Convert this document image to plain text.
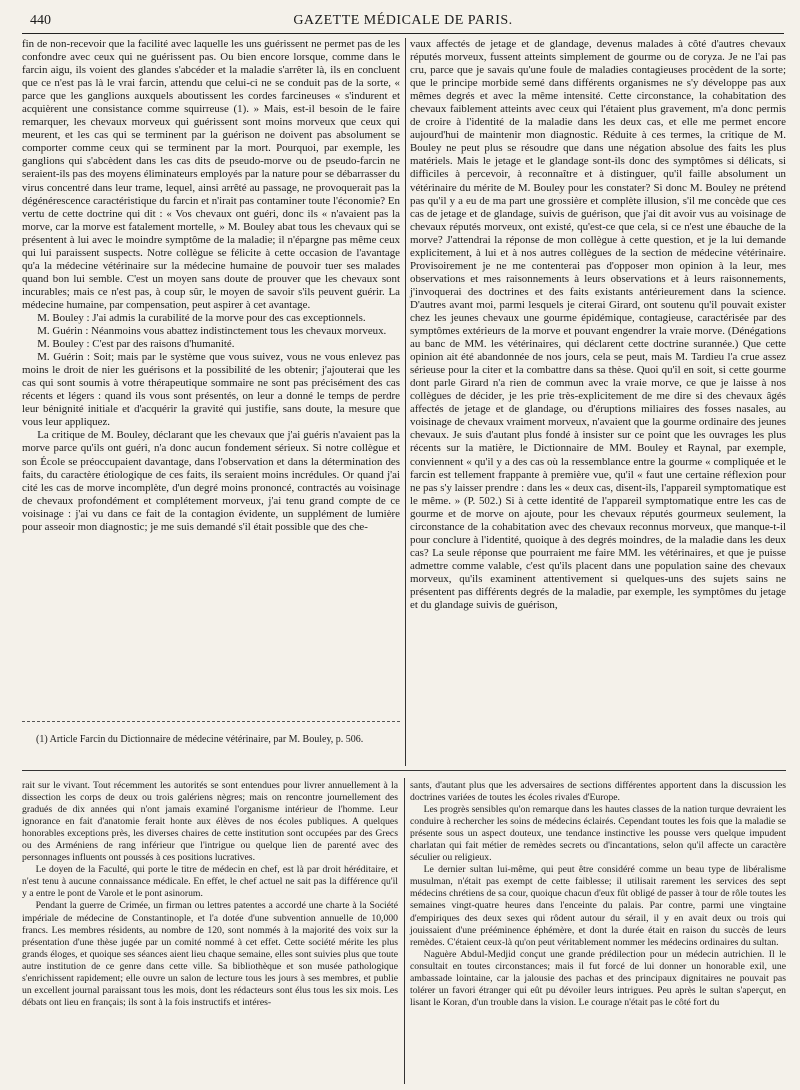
440	GAZETTE MÉDICALE DE PARIS.

fin de non-recevoir que la facilité avec laquelle les uns guérissent ne permet pas de les confondre avec ceux qui ne guérissent pas. Ou bien encore lorsque, comme dans le farcin aigu, ils voient des glandes s'abcéder et la maladie s'arrêter là, ils en concluent que ce n'est pas là le vrai farcin, attendu que celui-ci ne se conduit pas de la sorte, « parce que les ganglions auxquels aboutissent les cordes farcineuses « s'indurent et acquièrent une consistance comme squirreuse (1). » Mais, est-il besoin de le faire remarquer, les chevaux morveux qui guérissent sont moins morveux que ceux qui meurent, et les cas qui se terminent par la guérison ne doivent pas absolument se comporter comme ceux qui se terminent par la mort. Pourquoi, par exemple, les ganglions qui s'abcèdent dans les cas dits de pseudo-morve ou de pseudo-farcin ne seraient-ils pas des moyens éliminateurs employés par la nature pour se débarrasser du virus concentré dans leur trame, lequel, ainsi arrêté au passage, ne provoquerait pas la dégénérescence caractéristique du farcin et n'irait pas contaminer toute l'économie? En vertu de cette doctrine qui dit : « Vos chevaux ont guéri, donc ils « n'avaient pas la morve, car la morve est fatalement mortelle, » M. Bouley abat tous les chevaux qui se présentent à lui avec le moindre symptôme de la maladie; il n'épargne pas même ceux qui lui paraissent suspects. Notre collègue se félicite à cette occasion de l'avantage qu'a la médecine vétérinaire sur la médecine humaine de pouvoir tuer ses malades quand bon lui semble. C'est un moyen sans doute de prouver que les chevaux sont incurables; mais ce n'est pas, à coup sûr, le moyen de savoir s'ils peuvent guérir. La médecine humaine, par compensation, peut aspirer à cet avantage.

M. Bouley : J'ai admis la curabilité de la morve pour des cas exceptionnels.

M. Guérin : Néanmoins vous abattez indistinctement tous les chevaux morveux.

M. Bouley : C'est par des raisons d'humanité.

M. Guérin : Soit; mais par le système que vous suivez, vous ne vous enlevez pas moins le droit de nier les guérisons et la possibilité de les obtenir; j'ajouterai que les cas qui sont soumis à votre thérapeutique sommaire ne sont pas précisément des cas récents et légers : quand ils vous sont présentés, on leur a donné le temps de perdre leur bénignité initiale et d'acquérir la gravité qui justifie, sans doute, la mesure que vous leur appliquez.

La critique de M. Bouley, déclarant que les chevaux que j'ai guéris n'avaient pas la morve parce qu'ils ont guéri, n'a donc aucun fondement sérieux. Si notre collègue et son École se préoccupaient davantage, dans l'observation et dans la détermination des faits, du caractère étiologique de ces faits, ils seraient moins incrédules. Or quand j'ai cité les cas de morve incomplète, d'un degré moins prononcé, contractés au voisinage de chevaux profondément et complétement morveux, j'ai tenu grand compte de ce voisinage : j'ai vu dans ce fait de la contagion évidente, un supplément de lumière pour asseoir mon diagnostic; je me suis demandé s'il était possible que des che-

(1) Article Farcin du Dictionnaire de médecine vétérinaire, par M. Bouley, p. 506.

vaux affectés de jetage et de glandage, devenus malades à côté d'autres chevaux réputés morveux, fussent atteints simplement de gourme ou de coryza. Je ne l'ai pas cru, parce que je savais qu'une foule de maladies contagieuses procèdent de la sorte; que le principe morbide semé dans différents organismes ne s'y développe pas aux mêmes degrés et avec la même intensité. Cette circonstance, la cohabitation des chevaux faiblement atteints avec ceux qui l'étaient plus gravement, m'a donc permis de croire à l'identité de la maladie dans les deux cas, et elle me permet encore aujourd'hui de maintenir mon diagnostic. Réduite à ces termes, la critique de M. Bouley ne peut plus se résoudre que dans une négation absolue des faits les plus matériels. Mais le jetage et le glandage sont-ils donc des symptômes si délicats, si difficiles à percevoir, à reconnaître et à distinguer, qu'il faille absolument un vétérinaire du mérite de M. Bouley pour les constater? Si donc M. Bouley ne prétend pas qu'il y a eu de ma part une grossière et complète illusion, s'il me concède que ces cas de jetage et de glandage, suivis de guérison, que j'ai dit avoir vus au voisinage de chevaux réputés morveux, ont existé, qu'est-ce que cela, si ce n'est une ébauche de la morve? J'attendrai la réponse de mon collègue à cette question, et je la lui demande explicitement, à lui et à nos autres collègues de la section de médecine vétérinaire. Provisoirement je ne me contenterai pas d'opposer mon opinion à la leur, mes observations et mes raisonnements à leurs observations et à leurs raisonnements, j'invoquerai des doctrines et des faits existants antérieurement dans la science. D'autres avant moi, parmi lesquels je citerai Girard, ont soutenu qu'il pouvait exister chez les jeunes chevaux une gourme épidémique, contagieuse, caractérisée par des symptômes extérieurs de la morve et pouvant engendrer la vraie morve. (Dénégations au banc de MM. les vétérinaires, qui déclarent cette doctrine surannée.) Que cette opinion ait été abandonnée de nos jours, cela se peut, mais M. Tardieu l'a crue assez sérieuse pour la citer et la combattre dans sa thèse. Quoi qu'il en soit, si cette gourme dont parle Girard n'a rien de commun avec la vraie morve, ce que je laisse à nos collègues de décider, je les prie très-explicitement de me dire si des chevaux âgés affectés de jetage et de glandage, ou d'éruptions miliaires des fosses nasales, au voisinage de chevaux vraiment morveux, n'avaient que la gourme ordinaire des jeunes chevaux. Je suis d'autant plus fondé à insister sur ce point que les ouvrages les plus récents sur la matière, le Dictionnaire de MM. Bouley et Raynal, par exemple, conviennent « qu'il y a des cas où la ressemblance entre la gourme « compliquée et le farcin est tellement frappante à première vue, qu'il « faut une certaine réflexion pour ne pas s'y laisser prendre : dans les « deux cas, disent-ils, l'appareil symptomatique est le même. » (P. 502.) Si à cette identité de l'appareil symptomatique entre les cas de gourme et de morve on ajoute, pour les chevaux réputés gourmeux seulement, la circonstance de la cohabitation avec des chevaux reconnus morveux, que manque-t-il pour conclure à l'identité, quoique à des degrés moindres, de la maladie dans les deux cas? La seule réponse que pourraient me faire MM. les vétérinaires, et que je puisse admettre comme valable, c'est qu'ils placent dans une population saine des chevaux morveux, qu'ils examinent attentivement si quelques-uns des sujets sains ne présentent pas différents degrés de la maladie, par exemple, les symptômes du jetage et du glandage suivis de guérison,

rait sur le vivant. Tout récemment les autorités se sont entendues pour livrer annuellement à la dissection les corps de deux ou trois galériens nègres; mais on rencontre journellement des gradués de dix années qui n'ont jamais examiné l'organisme intérieur de l'homme. Leur ignorance en fait d'anatomie ferait honte aux élèves de nos écoles publiques. A quelques honorables exceptions près, les diverses chaires de cette institution sont occupées par des Grecs ou des Arméniens de rang inférieur que l'intrigue ou quelque lien de parenté avec des personnages influents ont poussés à ces positions lucratives.

Le doyen de la Faculté, qui porte le titre de médecin en chef, est là par droit héréditaire, et n'est tenu à aucune connaissance médicale. En effet, le chef actuel ne sait pas la différence qu'il y a entre le pont de Varole et le pont asinorum.

Pendant la guerre de Crimée, un firman ou lettres patentes a accordé une charte à la Société impériale de médecine de Constantinople, et l'a dotée d'une subvention annuelle de 10,000 francs. Les membres résidents, au nombre de 120, sont nommés à la majorité des voix sur la présentation d'une thèse jugée par un comité nommé à cet effet. Cette société mérite les plus grands éloges, et quoique ses séances aient lieu chaque semaine, elles sont suivies plus que toute autre institution de ce genre dans cette ville. Sa bibliothèque et son musée pathologique s'enrichissent rapidement; elle ouvre un salon de lecture tous les jours à ses membres, et publie un excellent journal paraissant tous les mois, dont les rédacteurs sont élus tous les six mois. Les débats ont lieu en français; ils sont à la fois instructifs et intéres-

sants, d'autant plus que les adversaires de sections différentes apportent dans la discussion les doctrines variées de toutes les écoles rivales d'Europe.

Les progrès sensibles qu'on remarque dans les hautes classes de la nation turque devraient les conduire à rechercher les soins de médecins éclairés. Cependant toutes les fois que la maladie se présente sous un aspect douteux, une tendance instinctive les pousse vers quelque impudent charlatan qui fait métier de remèdes secrets ou d'incantations, selon qu'il affecte un caractère séculier ou religieux.

Le dernier sultan lui-même, qui peut être considéré comme un beau type de libéralisme musulman, n'était pas exempt de cette faiblesse; il utilisait rarement les services des sept médecins chrétiens de sa cour, quoique chacun d'eux fût obligé de passer à tour de rôle toutes les semaines vingt-quatre heures dans l'enceinte du palais. Par contre, parmi une vingtaine d'empiriques des deux sexes qui rôdent autour du sérail, il y en avait deux ou trois qui jouissaient d'une prééminence éphémère, et dont la durée était en raison du succès de leurs remèdes. C'étaient ceux-là qu'on peut véritablement nommer les médecins ordinaires du sultan.

Naguère Abdul-Medjid conçut une grande prédilection pour un médecin autrichien. Il le consultait en toutes circonstances; mais il fut forcé de lui donner un honorable exil, une ambassade lointaine, car la jalousie des pachas et des principaux dignitaires ne pouvait pas tolérer un favori étranger qui eût pu dévoiler leurs intrigues. Peu après le sultan s'aperçut, en lisant le Koran, d'un trouble dans la vision. Le courage n'était pas le côté fort du
